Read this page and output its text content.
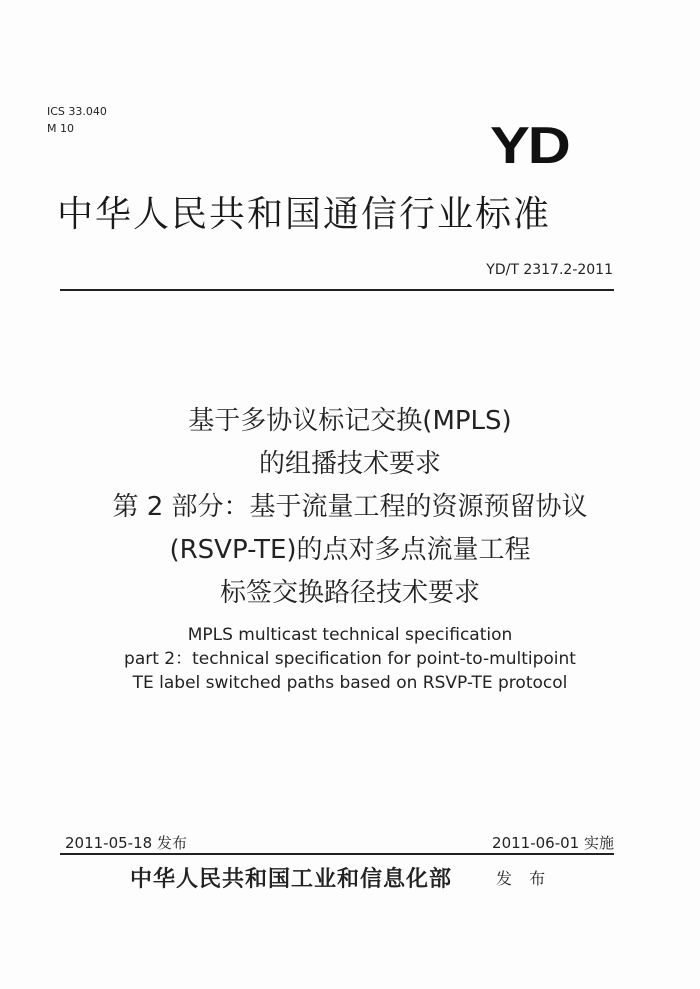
ICS 33.040
M 10	YD
中华人民共和国通信行业标准
YD/T 2317.2-2011
基于多协议标记交换(MPLS)
的组播技术要求
第 2 部分：基于流量工程的资源预留协议
(RSVP-TE)的点对多点流量工程
标签交换路径技术要求
MPLS multicast technical specification
part 2：technical specification for point-to-multipoint
TE label switched paths based on RSVP-TE protocol
2011-05-18 发布	2011-06-01 实施
中华人民共和国工业和信息化部	发 布
